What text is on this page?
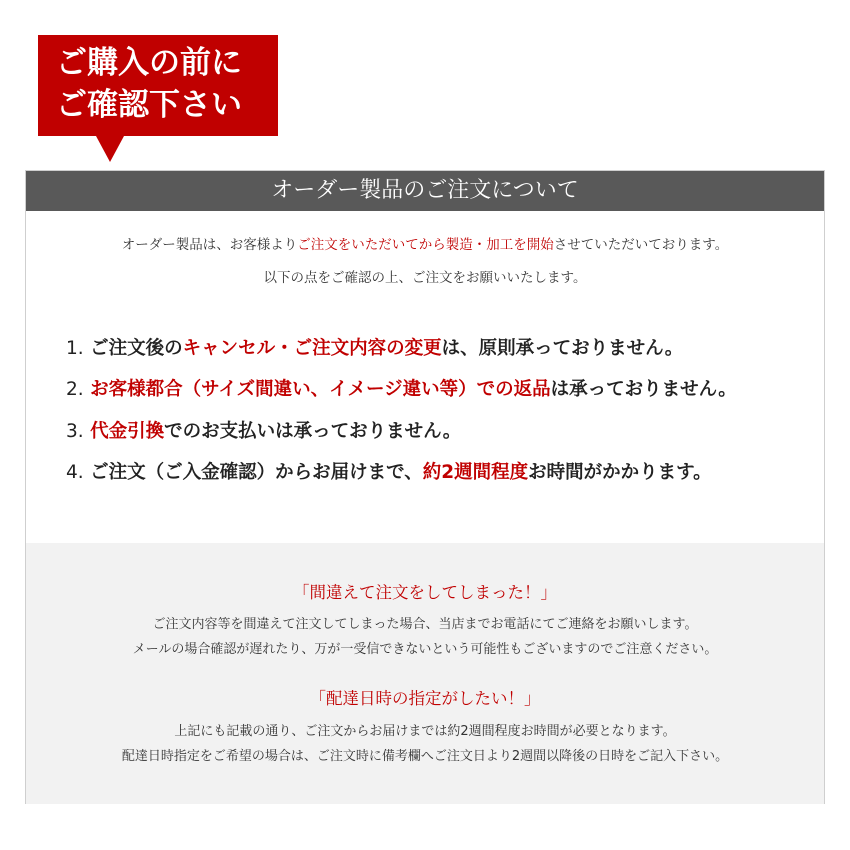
ご購入の前に
ご確認下さい
オーダー製品のご注文について
オーダー製品は、お客様よりご注文をいただいてから製造・加工を開始させていただいております。
以下の点をご確認の上、ご注文をお願いいたします。
1. ご注文後のキャンセル・ご注文内容の変更は、原則承っておりません。
2. お客様都合（サイズ間違い、イメージ違い等）での返品は承っておりません。
3. 代金引換でのお支払いは承っておりません。
4. ご注文（ご入金確認）からお届けまで、約2週間程度お時間がかかります。
「間違えて注文をしてしまった！」
ご注文内容等を間違えて注文してしまった場合、当店までお電話にてご連絡をお願いします。
メールの場合確認が遅れたり、万が一受信できないという可能性もございますのでご注意ください。
「配達日時の指定がしたい！」
上記にも記載の通り、ご注文からお届けまでは約2週間程度お時間が必要となります。
配達日時指定をご希望の場合は、ご注文時に備考欄へご注文日より2週間以降後の日時をご記入下さい。
